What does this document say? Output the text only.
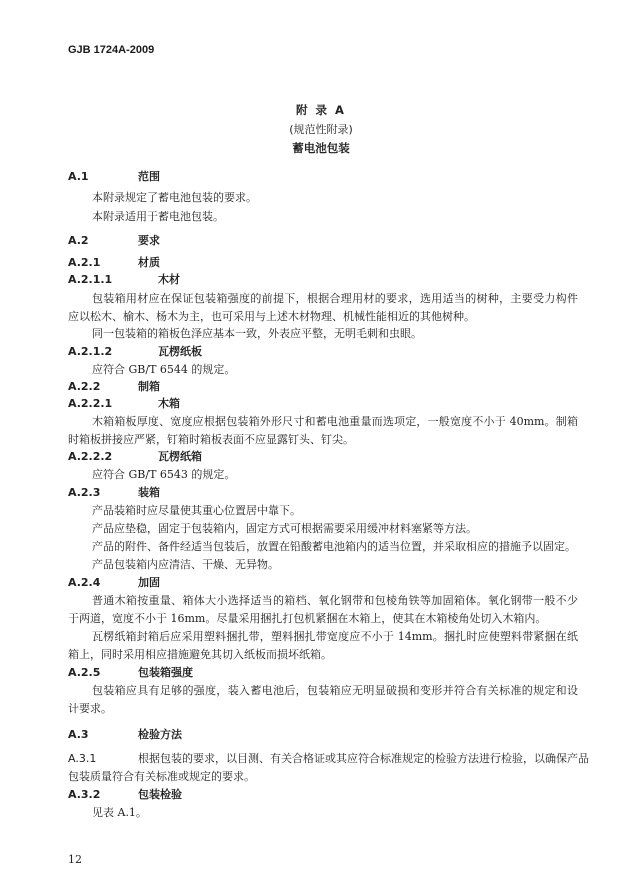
GJB 1724A-2009
附 录 A
(规范性附录)
蓄电池包装
A.1	范围
本附录规定了蓄电池包装的要求。
本附录适用于蓄电池包装。
A.2	要求
A.2.1	材质
A.2.1.1	木材
包装箱用材应在保证包装箱强度的前提下，根据合理用材的要求，选用适当的树种，主要受力构件
应以松木、榆木、杨木为主，也可采用与上述木材物理、机械性能相近的其他树种。
同一包装箱的箱板色泽应基本一致，外表应平整，无明毛刺和虫眼。
A.2.1.2	瓦楞纸板
应符合 GB/T 6544 的规定。
A.2.2	制箱
A.2.2.1	木箱
木箱箱板厚度、宽度应根据包装箱外形尺寸和蓄电池重量而选项定，一般宽度不小于 40mm。制箱
时箱板拼接应严紧，钉箱时箱板表面不应显露钉头、钉尖。
A.2.2.2	瓦楞纸箱
应符合 GB/T 6543 的规定。
A.2.3	装箱
产品装箱时应尽量使其重心位置居中靠下。
产品应垫稳，固定于包装箱内，固定方式可根据需要采用缓冲材料塞紧等方法。
产品的附件、备件经适当包装后，放置在铅酸蓄电池箱内的适当位置，并采取相应的措施予以固定。
产品包装箱内应清洁、干燥、无异物。
A.2.4	加固
普通木箱按重量、箱体大小选择适当的箱档、氧化钢带和包棱角铁等加固箱体。氧化钢带一般不少
于两道，宽度不小于 16mm。尽量采用捆扎打包机紧捆在木箱上，使其在木箱棱角处切入木箱内。
瓦楞纸箱封箱后应采用塑料捆扎带，塑料捆扎带宽度应不小于 14mm。捆扎时应使塑料带紧捆在纸
箱上，同时采用相应措施避免其切入纸板而损坏纸箱。
A.2.5	包装箱强度
包装箱应具有足够的强度，装入蓄电池后，包装箱应无明显破损和变形并符合有关标准的规定和设
计要求。
A.3	检验方法
A.3.1	根据包装的要求，以目测、有关合格证或其应符合标准规定的检验方法进行检验，以确保产品
包装质量符合有关标准或规定的要求。
A.3.2	包装检验
见表 A.1。
12
